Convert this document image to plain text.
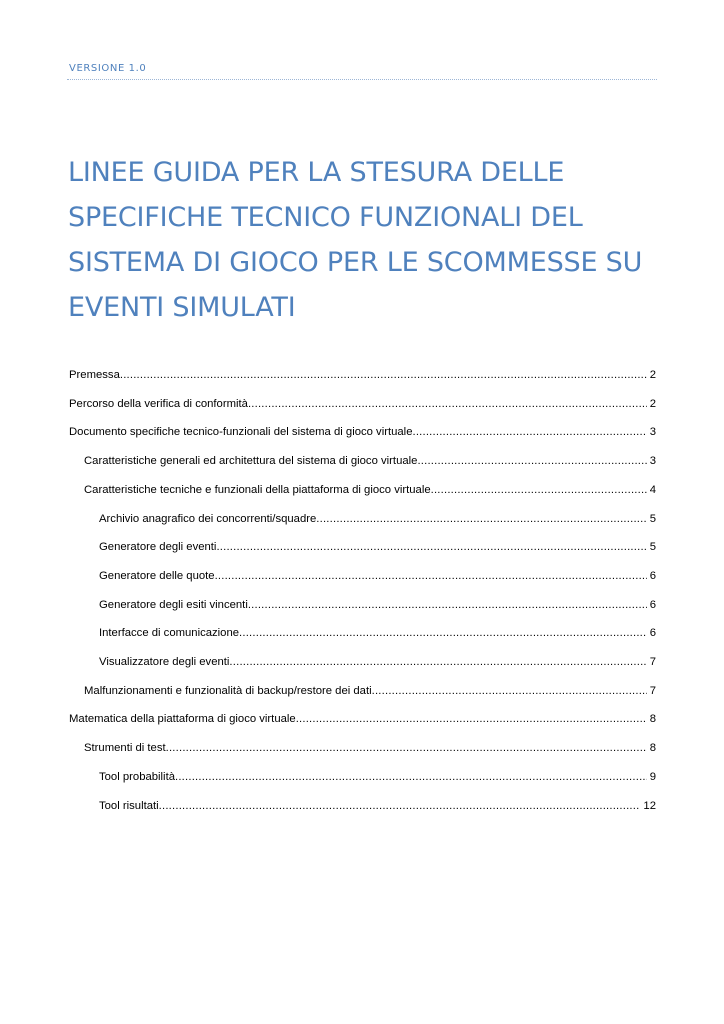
VERSIONE 1.0
LINEE GUIDA PER LA STESURA DELLE
SPECIFICHE TECNICO FUNZIONALI DEL
SISTEMA DI GIOCO PER LE SCOMMESSE SU
EVENTI SIMULATI
Premessa .....	2
Percorso della verifica di conformità .....	2
Documento specifiche tecnico-funzionali del sistema di gioco virtuale .....	3
Caratteristiche generali ed architettura del sistema di gioco virtuale .....	3
Caratteristiche tecniche e funzionali della piattaforma di gioco virtuale .....	4
Archivio anagrafico dei concorrenti/squadre .....	5
Generatore degli eventi .....	5
Generatore delle quote .....	6
Generatore degli esiti vincenti .....	6
Interfacce di comunicazione .....	6
Visualizzatore degli eventi .....	7
Malfunzionamenti e funzionalità di backup/restore dei dati .....	7
Matematica della piattaforma di gioco virtuale .....	8
Strumenti di test .....	8
Tool probabilità .....	9
Tool risultati .....	12
